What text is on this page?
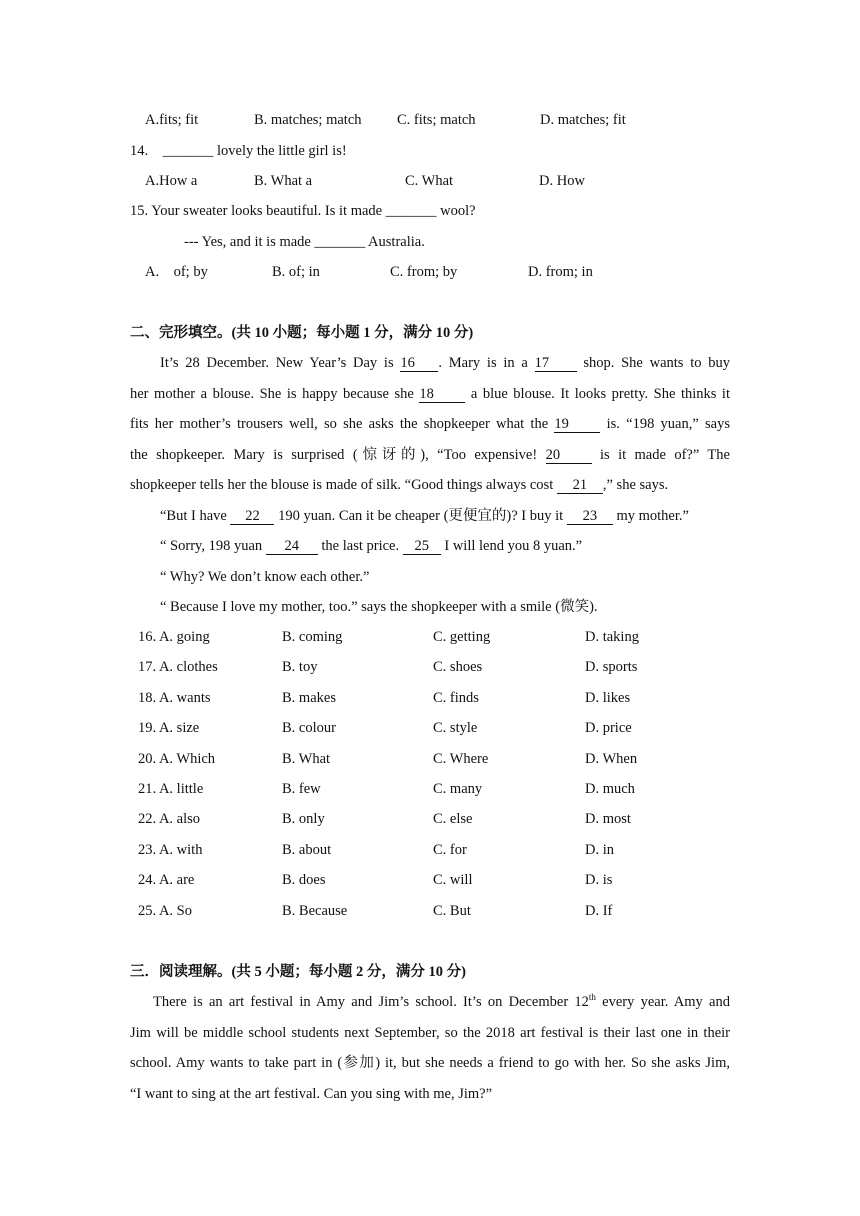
A.fits; fit	B. matches; match C. fits; match	D. matches; fit
14. _______ lovely the little girl is!
A.How a	B. What a	C. What	D. How
15. Your sweater looks beautiful. Is it made _______ wool?
--- Yes, and it is made _______ Australia.
A.    of; by	B. of; in	C. from; by	D. from; in
二、完形填空。(共 10 小题；每小题 1 分，满分 10 分)
It’s 28 December. New Year’s Day is 16 . Mary is in a 17 shop. She wants to buy
her mother a blouse. She is happy because she 18 a blue blouse. It looks pretty. She thinks it
fits her mother’s trousers well, so she asks the shopkeeper what the 19 is. “198 yuan,” says
the shopkeeper. Mary is surprised (惊讶的), “Too expensive! 20 is it made of?” The
shopkeeper tells her the blouse is made of silk. “Good things always cost 21 ,” she says.
“But I have 22 190 yuan. Can it be cheaper (更便宜的)? I buy it 23 my mother.”
“ Sorry, 198 yuan 24 the last price. 25 I will lend you 8 yuan.”
“ Why? We don’t know each other.”
“ Because I love my mother, too.” says the shopkeeper with a smile (微笑).
16. A. going	B. coming	C. getting	D. taking
17. A. clothes	B. toy	C. shoes	D. sports
18. A. wants	B. makes	C. finds	D. likes
19. A. size	B. colour	C. style	D. price
20. A. Which	B. What	C. Where	D. When
21. A. little	B. few	C. many	D. much
22. A. also	B. only	C. else	D. most
23. A. with	B. about	C. for	D. in
24. A. are	B. does	C. will	D. is
25. A. So	B. Because	C. But	D. If
三．阅读理解。(共 5 小题；每小题 2 分，满分 10 分)
There is an art festival in Amy and Jim’s school. It’s on December 12th every year. Amy and
Jim will be middle school students next September, so the 2018 art festival is their last one in their
school. Amy wants to take part in (参加) it, but she needs a friend to go with her. So she asks Jim,
“I want to sing at the art festival. Can you sing with me, Jim?”
